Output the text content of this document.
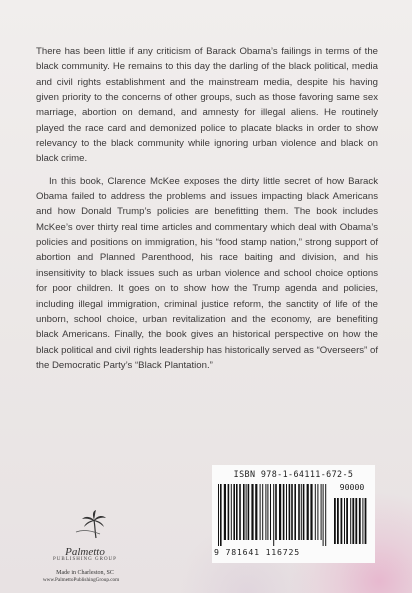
There has been little if any criticism of Barack Obama’s failings in terms of the black community. He remains to this day the darling of the black political, media and civil rights establishment and the mainstream media, despite his having given priority to the concerns of other groups, such as those favoring same sex marriage, abortion on demand, and amnesty for illegal aliens. He routinely played the race card and demonized police to placate blacks in order to show relevancy to the black community while ignoring urban violence and black on black crime.

In this book, Clarence McKee exposes the dirty little secret of how Barack Obama failed to address the problems and issues impacting black Americans and how Donald Trump’s policies are benefitting them. The book includes McKee’s over thirty real time articles and commentary which deal with Obama’s policies and positions on immigration, his “food stamp nation,” strong support of abortion and Planned Parenthood, his race baiting and division, and his insensitivity to black issues such as urban violence and school choice options for poor children. It goes on to show how the Trump agenda and policies, including illegal immigration, criminal justice reform, the sanctity of life of the unborn, school choice, urban revitalization and the economy, are benefiting black Americans. Finally, the book gives an historical perspective on how the black political and civil rights leadership has historically served as “Overseers” of the Democratic Party’s “Black Plantation.”

Palmetto
PUBLISHING GROUP
Made in Charleston, SC
www.PalmettoPublishingGroup.com
ISBN 978-1-64111-672-5
90000
9 781641 116725
